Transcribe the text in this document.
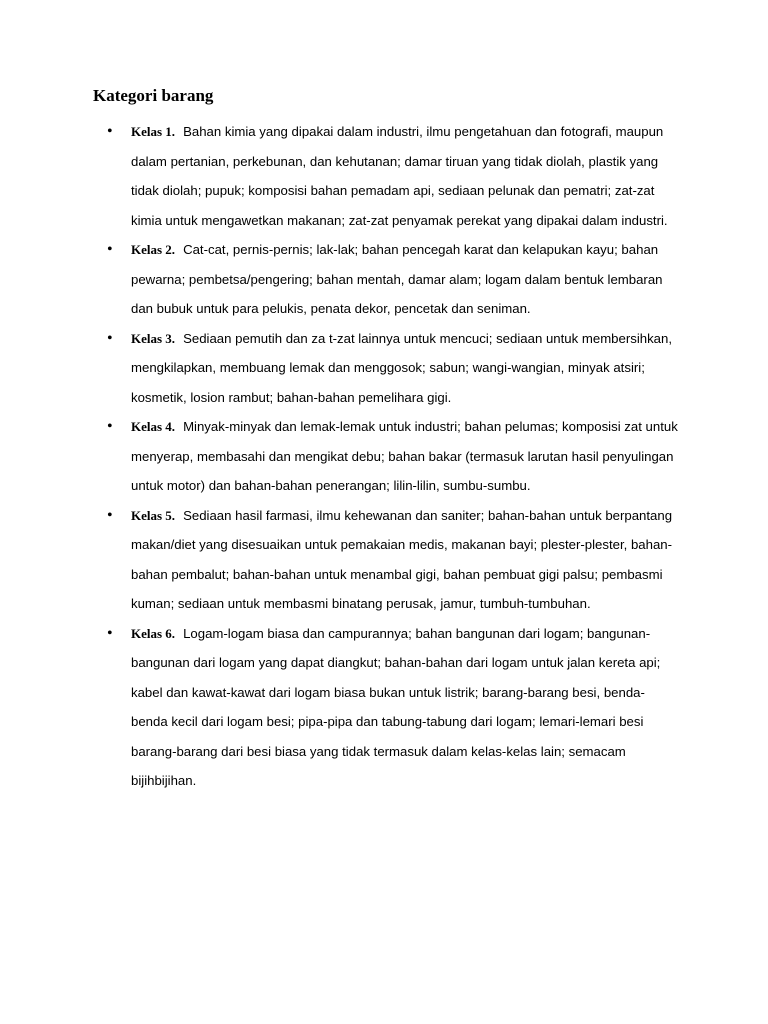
Kategori barang
• Kelas 1. Bahan kimia yang dipakai dalam industri, ilmu pengetahuan dan fotografi, maupun dalam pertanian, perkebunan, dan kehutanan; damar tiruan yang tidak diolah, plastik yang tidak diolah; pupuk; komposisi bahan pemadam api, sediaan pelunak dan pematri; zat-zat kimia untuk mengawetkan makanan; zat-zat penyamak perekat yang dipakai dalam industri.
• Kelas 2. Cat-cat, pernis-pernis; lak-lak; bahan pencegah karat dan kelapukan kayu; bahan pewarna; pembetsa/pengering; bahan mentah, damar alam; logam dalam bentuk lembaran dan bubuk untuk para pelukis, penata dekor, pencetak dan seniman.
• Kelas 3. Sediaan pemutih dan za t-zat lainnya untuk mencuci; sediaan untuk membersihkan, mengkilapkan, membuang lemak dan menggosok; sabun; wangi-wangian, minyak atsiri; kosmetik, losion rambut; bahan-bahan pemelihara gigi.
• Kelas 4. Minyak-minyak dan lemak-lemak untuk industri; bahan pelumas; komposisi zat untuk menyerap, membasahi dan mengikat debu; bahan bakar (termasuk larutan hasil penyulingan untuk motor) dan bahan-bahan penerangan; lilin-lilin, sumbu-sumbu.
• Kelas 5. Sediaan hasil farmasi, ilmu kehewanan dan saniter; bahan-bahan untuk berpantang makan/diet yang disesuaikan untuk pemakaian medis, makanan bayi; plester-plester, bahan-bahan pembalut; bahan-bahan untuk menambal gigi, bahan pembuat gigi palsu; pembasmi kuman; sediaan untuk membasmi binatang perusak, jamur, tumbuh-tumbuhan.
• Kelas 6. Logam-logam biasa dan campurannya; bahan bangunan dari logam; bangunan-bangunan dari logam yang dapat diangkut; bahan-bahan dari logam untuk jalan kereta api; kabel dan kawat-kawat dari logam biasa bukan untuk listrik; barang-barang besi, benda-benda kecil dari logam besi; pipa-pipa dan tabung-tabung dari logam; lemari-lemari besi barang-barang dari besi biasa yang tidak termasuk dalam kelas-kelas lain; semacam bijihbijihan.
